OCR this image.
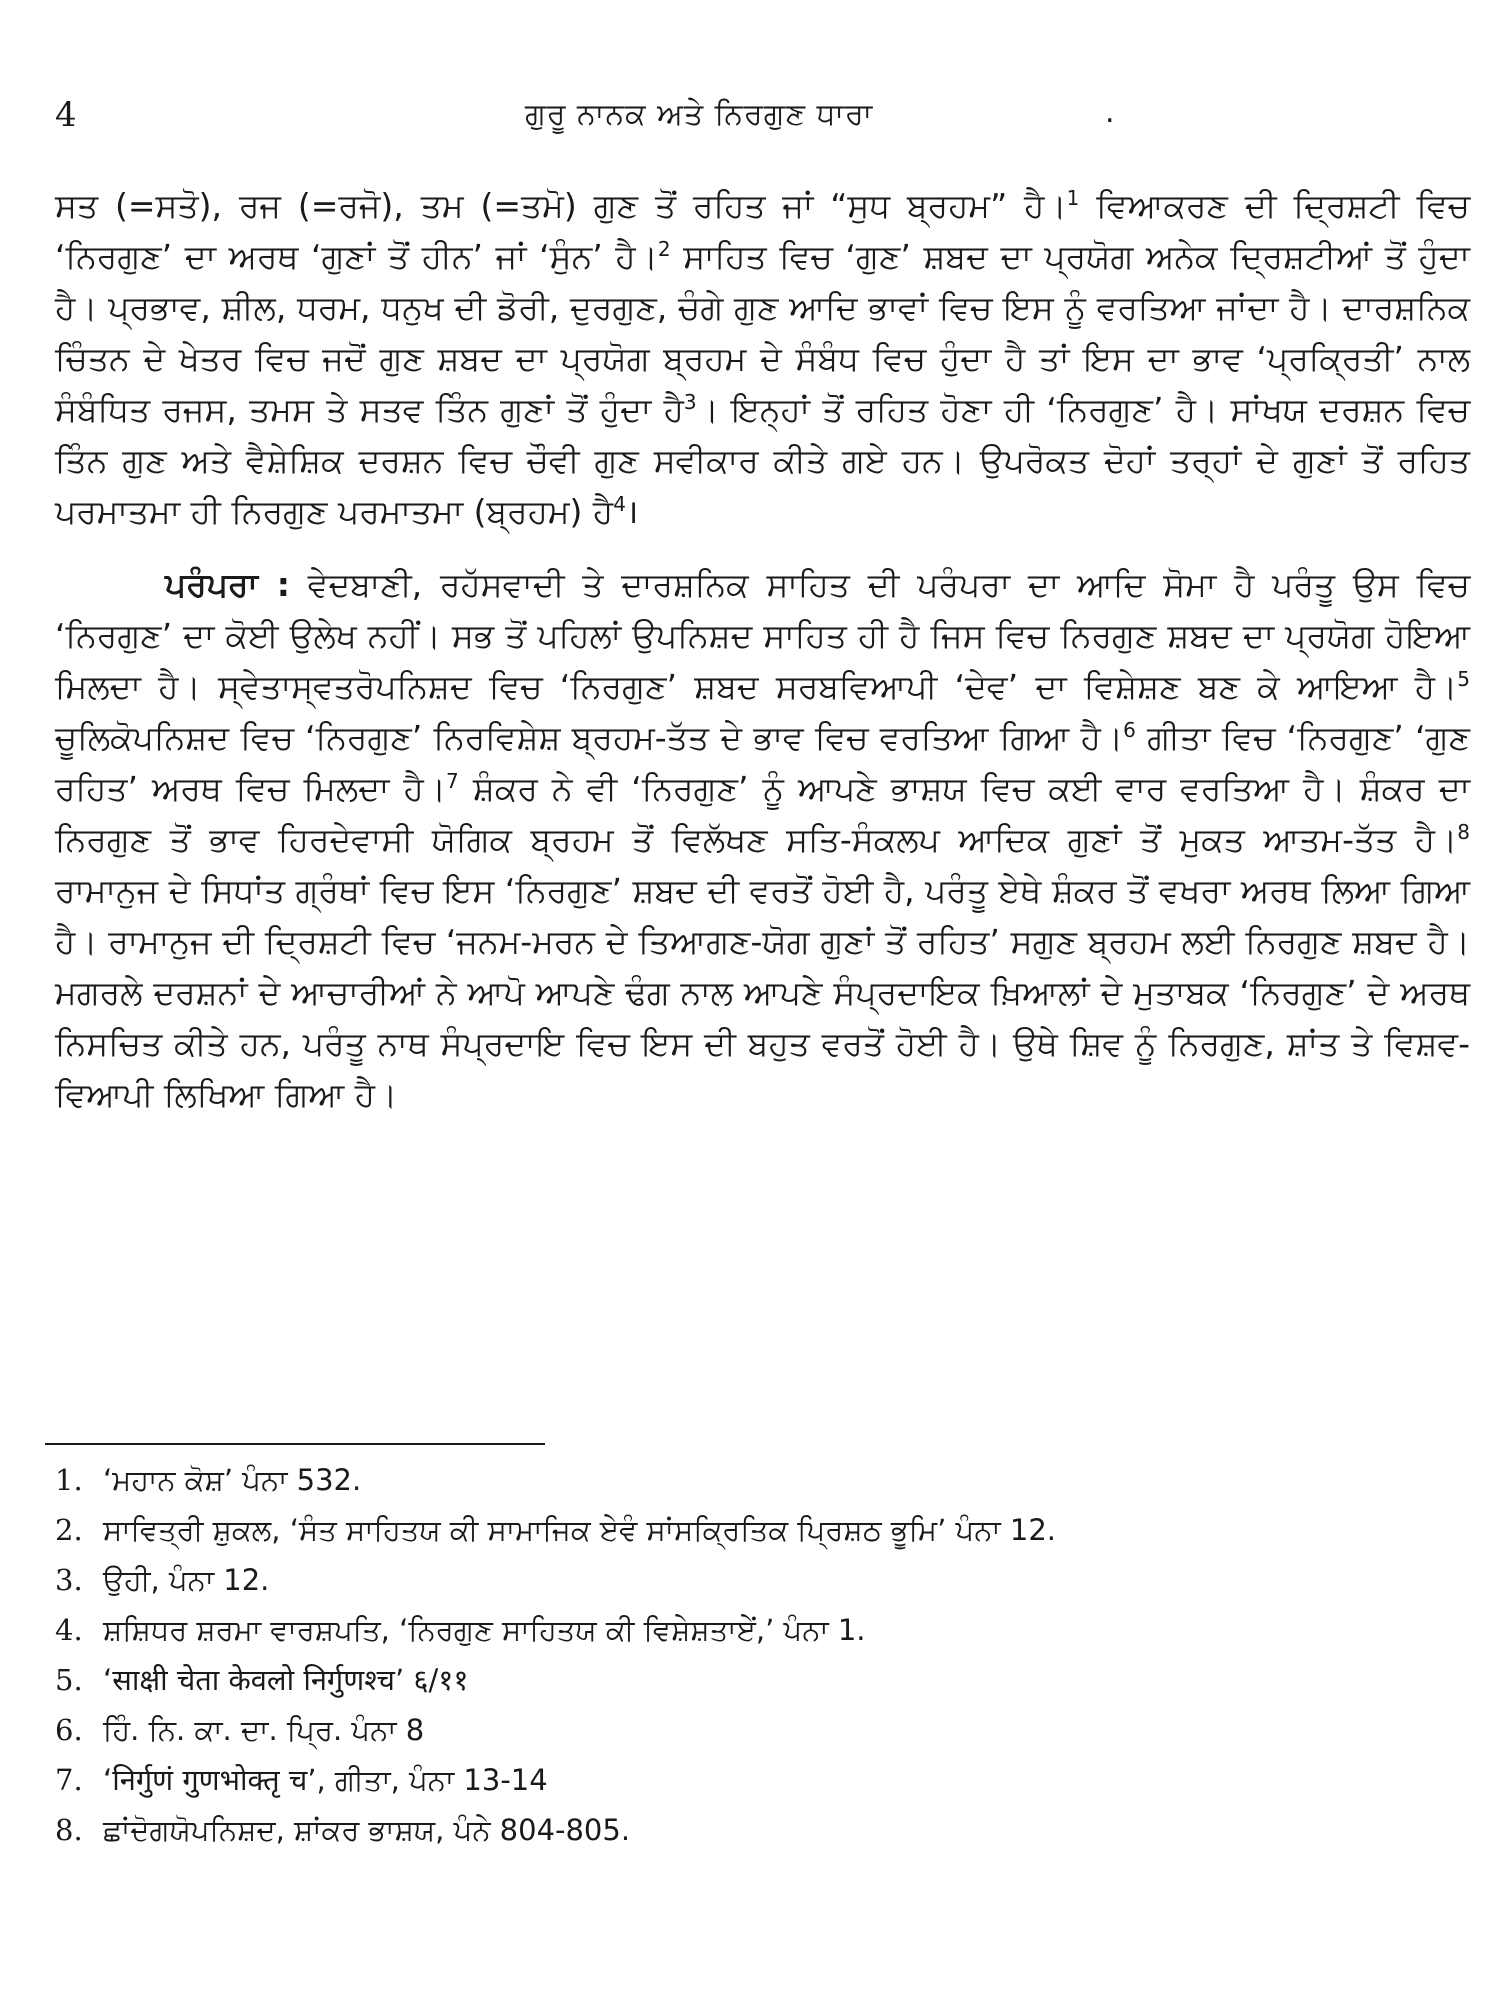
4	ਗੁਰੂ ਨਾਨਕ ਅਤੇ ਨਿਰਗੁਣ ਧਾਰਾ	.

ਸਤ (=ਸਤੋ), ਰਜ (=ਰਜੋ), ਤਮ (=ਤਮੋ) ਗੁਣ ਤੋਂ ਰਹਿਤ ਜਾਂ “ਸੁਧ ਬ੍ਰਹਮ” ਹੈ।$^1$ ਵਿਆਕਰਣ ਦੀ ਦ੍ਰਿਸ਼ਟੀ ਵਿਚ ‘ਨਿਰਗੁਣ’ ਦਾ ਅਰਥ ‘ਗੁਣਾਂ ਤੋਂ ਹੀਨ’ ਜਾਂ ‘ਸੁੰਨ’ ਹੈ।$^2$ ਸਾਹਿਤ ਵਿਚ ‘ਗੁਣ’ ਸ਼ਬਦ ਦਾ ਪ੍ਰਯੋਗ ਅਨੇਕ ਦ੍ਰਿਸ਼ਟੀਆਂ ਤੋਂ ਹੁੰਦਾ ਹੈ। ਪ੍ਰਭਾਵ, ਸ਼ੀਲ, ਧਰਮ, ਧਨੁਖ ਦੀ ਡੋਰੀ, ਦੁਰਗੁਣ, ਚੰਗੇ ਗੁਣ ਆਦਿ ਭਾਵਾਂ ਵਿਚ ਇਸ ਨੂੰ ਵਰਤਿਆ ਜਾਂਦਾ ਹੈ। ਦਾਰਸ਼ਨਿਕ ਚਿੰਤਨ ਦੇ ਖੇਤਰ ਵਿਚ ਜਦੋਂ ਗੁਣ ਸ਼ਬਦ ਦਾ ਪ੍ਰਯੋਗ ਬ੍ਰਹਮ ਦੇ ਸੰਬੰਧ ਵਿਚ ਹੁੰਦਾ ਹੈ ਤਾਂ ਇਸ ਦਾ ਭਾਵ ‘ਪ੍ਰਕ੍ਰਿਤੀ’ ਨਾਲ ਸੰਬੰਧਿਤ ਰਜਸ, ਤਮਸ ਤੇ ਸਤਵ ਤਿੰਨ ਗੁਣਾਂ ਤੋਂ ਹੁੰਦਾ ਹੈ$^3$। ਇਨ੍ਹਾਂ ਤੋਂ ਰਹਿਤ ਹੋਣਾ ਹੀ ‘ਨਿਰਗੁਣ’ ਹੈ। ਸਾਂਖਯ ਦਰਸ਼ਨ ਵਿਚ ਤਿੰਨ ਗੁਣ ਅਤੇ ਵੈਸ਼ੇਸ਼ਿਕ ਦਰਸ਼ਨ ਵਿਚ ਚੌਵੀ ਗੁਣ ਸਵੀਕਾਰ ਕੀਤੇ ਗਏ ਹਨ। ਉਪਰੋਕਤ ਦੋਹਾਂ ਤਰ੍ਹਾਂ ਦੇ ਗੁਣਾਂ ਤੋਂ ਰਹਿਤ ਪਰਮਾਤਮਾ ਹੀ ਨਿਰਗੁਣ ਪਰਮਾਤਮਾ (ਬ੍ਰਹਮ) ਹੈ$^4$।

ਪਰੰਪਰਾ : ਵੇਦਬਾਣੀ, ਰਹੱਸਵਾਦੀ ਤੇ ਦਾਰਸ਼ਨਿਕ ਸਾਹਿਤ ਦੀ ਪਰੰਪਰਾ ਦਾ ਆਦਿ ਸੋਮਾ ਹੈ ਪਰੰਤੂ ਉਸ ਵਿਚ ‘ਨਿਰਗੁਣ’ ਦਾ ਕੋਈ ਉਲੇਖ ਨਹੀਂ। ਸਭ ਤੋਂ ਪਹਿਲਾਂ ਉਪਨਿਸ਼ਦ ਸਾਹਿਤ ਹੀ ਹੈ ਜਿਸ ਵਿਚ ਨਿਰਗੁਣ ਸ਼ਬਦ ਦਾ ਪ੍ਰਯੋਗ ਹੋਇਆ ਮਿਲਦਾ ਹੈ। ਸ੍ਵੇਤਾਸ੍ਵਤਰੋਪਨਿਸ਼ਦ ਵਿਚ ‘ਨਿਰਗੁਣ’ ਸ਼ਬਦ ਸਰਬਵਿਆਪੀ ‘ਦੇਵ’ ਦਾ ਵਿਸ਼ੇਸ਼ਣ ਬਣ ਕੇ ਆਇਆ ਹੈ।$^5$ ਚੂਲਿਕੋਪਨਿਸ਼ਦ ਵਿਚ ‘ਨਿਰਗੁਣ’ ਨਿਰਵਿਸ਼ੇਸ਼ ਬ੍ਰਹਮ-ਤੱਤ ਦੇ ਭਾਵ ਵਿਚ ਵਰਤਿਆ ਗਿਆ ਹੈ।$^6$ ਗੀਤਾ ਵਿਚ ‘ਨਿਰਗੁਣ’ ‘ਗੁਣ ਰਹਿਤ’ ਅਰਥ ਵਿਚ ਮਿਲਦਾ ਹੈ।$^7$ ਸ਼ੰਕਰ ਨੇ ਵੀ ‘ਨਿਰਗੁਣ’ ਨੂੰ ਆਪਣੇ ਭਾਸ਼ਯ ਵਿਚ ਕਈ ਵਾਰ ਵਰਤਿਆ ਹੈ। ਸ਼ੰਕਰ ਦਾ ਨਿਰਗੁਣ ਤੋਂ ਭਾਵ ਹਿਰਦੇਵਾਸੀ ਯੋਗਿਕ ਬ੍ਰਹਮ ਤੋਂ ਵਿਲੱਖਣ ਸਤਿ-ਸੰਕਲਪ ਆਦਿਕ ਗੁਣਾਂ ਤੋਂ ਮੁਕਤ ਆਤਮ-ਤੱਤ ਹੈ।$^8$ ਰਾਮਾਨੁਜ ਦੇ ਸਿਧਾਂਤ ਗ੍ਰੰਥਾਂ ਵਿਚ ਇਸ ‘ਨਿਰਗੁਣ’ ਸ਼ਬਦ ਦੀ ਵਰਤੋਂ ਹੋਈ ਹੈ, ਪਰੰਤੂ ਏਥੇ ਸ਼ੰਕਰ ਤੋਂ ਵਖਰਾ ਅਰਥ ਲਿਆ ਗਿਆ ਹੈ। ਰਾਮਾਨੁਜ ਦੀ ਦ੍ਰਿਸ਼ਟੀ ਵਿਚ ‘ਜਨਮ-ਮਰਨ ਦੇ ਤਿਆਗਣ-ਯੋਗ ਗੁਣਾਂ ਤੋਂ ਰਹਿਤ’ ਸਗੁਣ ਬ੍ਰਹਮ ਲਈ ਨਿਰਗੁਣ ਸ਼ਬਦ ਹੈ। ਮਗਰਲੇ ਦਰਸ਼ਨਾਂ ਦੇ ਆਚਾਰੀਆਂ ਨੇ ਆਪੋ ਆਪਣੇ ਢੰਗ ਨਾਲ ਆਪਣੇ ਸੰਪ੍ਰਦਾਇਕ ਖ਼ਿਆਲਾਂ ਦੇ ਮੁਤਾਬਕ ‘ਨਿਰਗੁਣ’ ਦੇ ਅਰਥ ਨਿਸਚਿਤ ਕੀਤੇ ਹਨ, ਪਰੰਤੂ ਨਾਥ ਸੰਪ੍ਰਦਾਇ ਵਿਚ ਇਸ ਦੀ ਬਹੁਤ ਵਰਤੋਂ ਹੋਈ ਹੈ। ਉਥੇ ਸ਼ਿਵ ਨੂੰ ਨਿਰਗੁਣ, ਸ਼ਾਂਤ ਤੇ ਵਿਸ਼ਵ-ਵਿਆਪੀ ਲਿਖਿਆ ਗਿਆ ਹੈ।

1. ‘ਮਹਾਨ ਕੋਸ਼’ ਪੰਨਾ 532.
2. ਸਾਵਿਤ੍ਰੀ ਸ਼ੁਕਲ, ‘ਸੰਤ ਸਾਹਿਤਯ ਕੀ ਸਾਮਾਜਿਕ ਏਵੰ ਸਾਂਸਕ੍ਰਿਤਿਕ ਪ੍ਰਿਸ਼ਠ ਭੂਮਿ’ ਪੰਨਾ 12.
3. ਉਹੀ, ਪੰਨਾ 12.
4. ਸ਼ਸ਼ਿਧਰ ਸ਼ਰਮਾ ਵਾਰਸ਼ਪਤਿ, ‘ਨਿਰਗੁਣ ਸਾਹਿਤਯ ਕੀ ਵਿਸ਼ੇਸ਼ਤਾਏਂ,’ ਪੰਨਾ 1.
5. ‘साक्षी चेता केवलो निर्गुणश्च’ ६/११
6. ਹਿੰ. ਨਿ. ਕਾ. ਦਾ. ਪ੍ਰਿ. ਪੰਨਾ 8
7. ‘निर्गुणं गुणभोक्तृ च’, ਗੀਤਾ, ਪੰਨਾ 13-14
8. ਛਾਂਦੋਗਯੋਪਨਿਸ਼ਦ, ਸ਼ਾਂਕਰ ਭਾਸ਼ਯ, ਪੰਨੇ 804-805.
